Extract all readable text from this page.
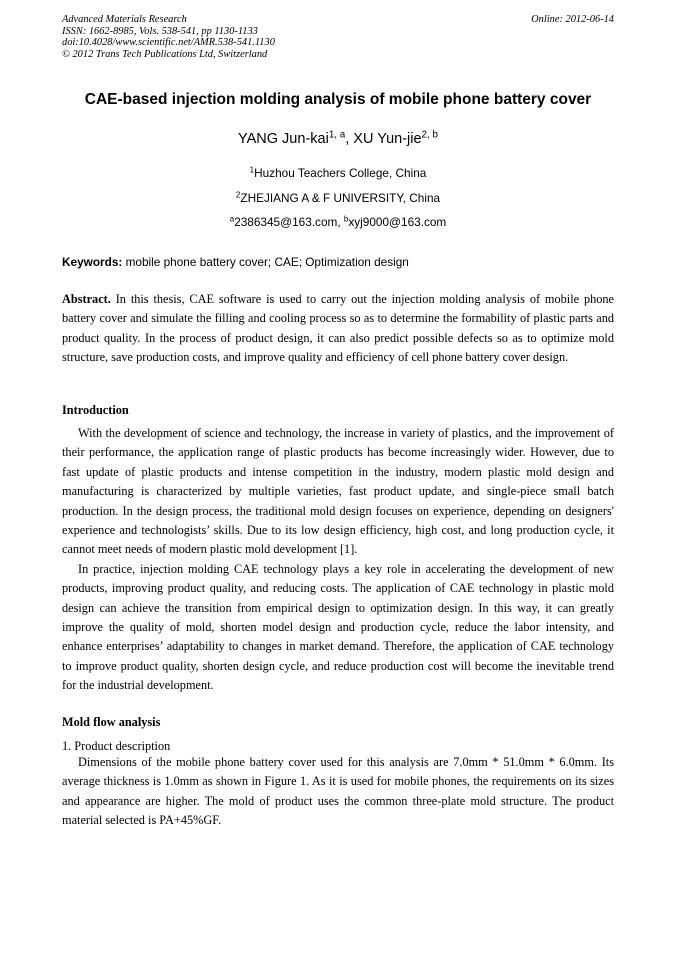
Advanced Materials Research
ISSN: 1662-8985, Vols. 538-541, pp 1130-1133
doi:10.4028/www.scientific.net/AMR.538-541.1130
© 2012 Trans Tech Publications Ltd, Switzerland
Online: 2012-06-14
CAE-based injection molding analysis of mobile phone battery cover
YANG Jun-kai$^{1, a}$, XU Yun-jie$^{2, b}$
$^1$Huzhou Teachers College, China
$^2$ZHEJIANG A & F UNIVERSITY, China
$^a$2386345@163.com, $^b$xyj9000@163.com
Keywords: mobile phone battery cover; CAE; Optimization design

Abstract. In this thesis, CAE software is used to carry out the injection molding analysis of mobile phone battery cover and simulate the filling and cooling process so as to determine the formability of plastic parts and product quality. In the process of product design, it can also predict possible defects so as to optimize mold structure, save production costs, and improve quality and efficiency of cell phone battery cover design.

Introduction

With the development of science and technology, the increase in variety of plastics, and the improvement of their performance, the application range of plastic products has become increasingly wider. However, due to fast update of plastic products and intense competition in the industry, modern plastic mold design and manufacturing is characterized by multiple varieties, fast product update, and single-piece small batch production. In the design process, the traditional mold design focuses on experience, depending on designers' experience and technologists’ skills. Due to its low design efficiency, high cost, and long production cycle, it cannot meet needs of modern plastic mold development [1].

In practice, injection molding CAE technology plays a key role in accelerating the development of new products, improving product quality, and reducing costs. The application of CAE technology in plastic mold design can achieve the transition from empirical design to optimization design. In this way, it can greatly improve the quality of mold, shorten model design and production cycle, reduce the labor intensity, and enhance enterprises’ adaptability to changes in market demand. Therefore, the application of CAE technology to improve product quality, shorten design cycle, and reduce production cost will become the inevitable trend for the industrial development.

Mold flow analysis
1. Product description

Dimensions of the mobile phone battery cover used for this analysis are 7.0mm * 51.0mm * 6.0mm. Its average thickness is 1.0mm as shown in Figure 1. As it is used for mobile phones, the requirements on its sizes and appearance are higher. The mold of product uses the common three-plate mold structure. The product material selected is PA+45%GF.
